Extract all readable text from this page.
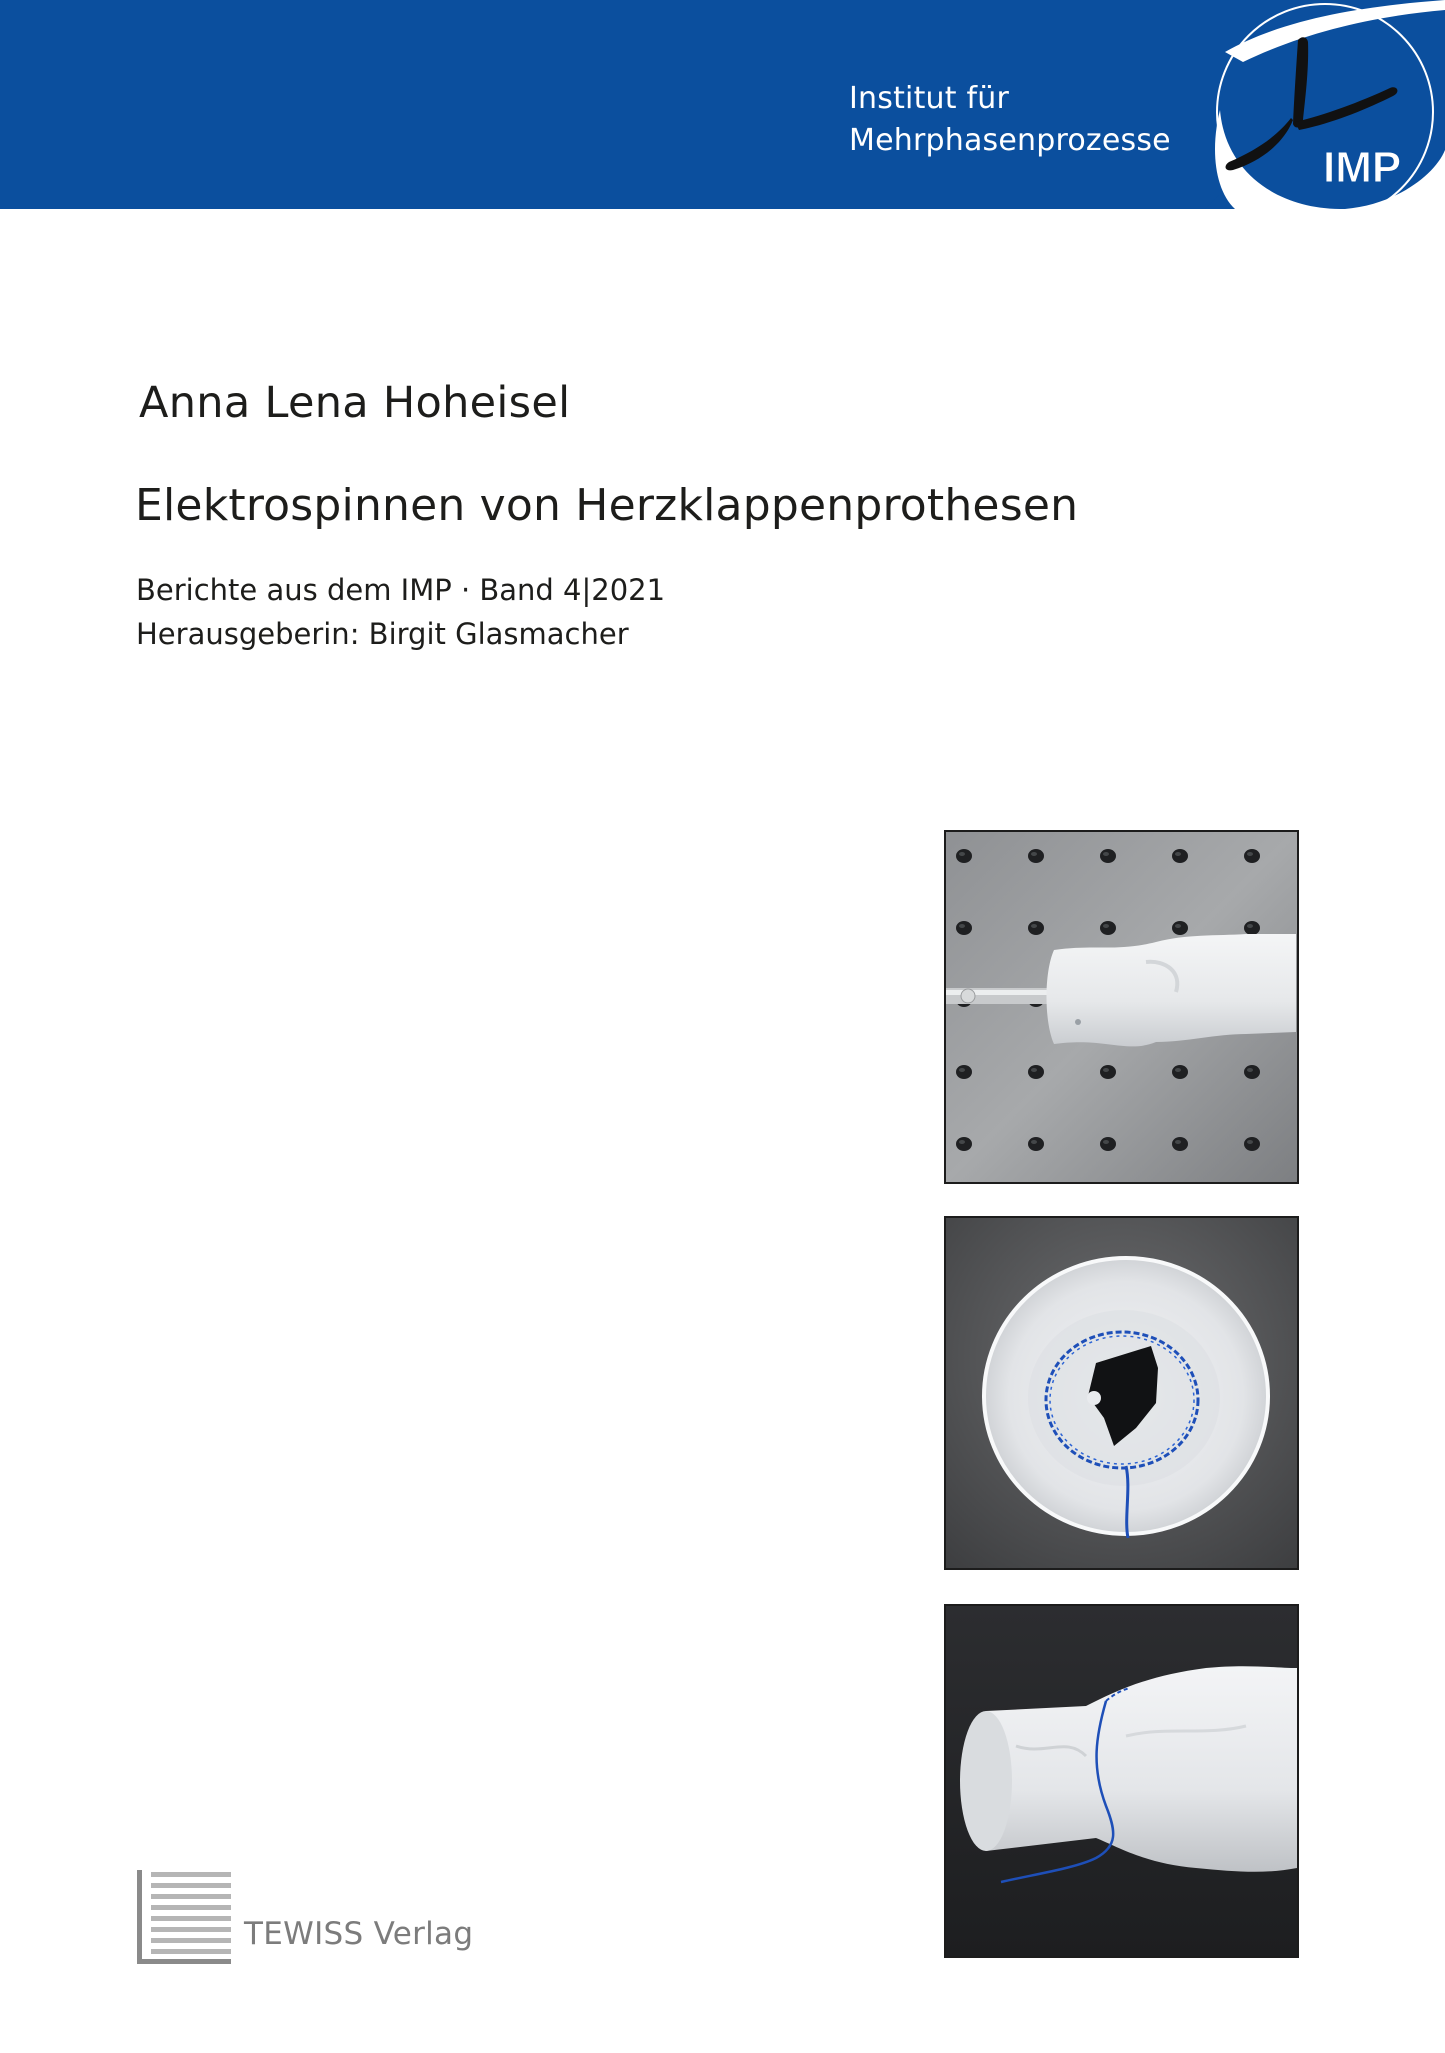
Institut für
Mehrphasenprozesse
IMP
Anna Lena Hoheisel
Elektrospinnen von Herzklappenprothesen
Berichte aus dem IMP · Band 4|2021
Herausgeberin: Birgit Glasmacher
TEWISS Verlag
